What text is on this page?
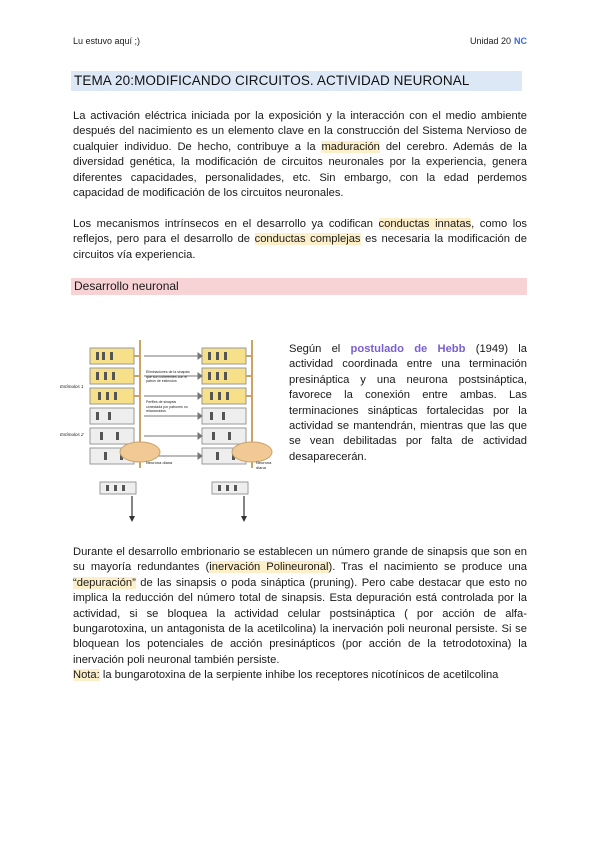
Lu estuvo aquí ;)	Unidad 20 NC
TEMA 20:MODIFICANDO CIRCUITOS. ACTIVIDAD NEURONAL
La activación eléctrica iniciada por la exposición y la interacción con el medio ambiente después del nacimiento es un elemento clave en la construcción del Sistema Nervioso de cualquier individuo. De hecho, contribuye a la maduración del cerebro. Además de la diversidad genética, la modificación de circuitos neuronales por la experiencia, genera diferentes capacidades, personalidades, etc. Sin embargo, con la edad perdemos capacidad de modificación de los circuitos neuronales.
Los mecanismos intrínsecos en el desarrollo ya codifican conductas innatas, como los reflejos, pero para el desarrollo de conductas complejas es necesaria la modificación de circuitos vía experiencia.
Desarrollo neuronal
Estímulos 1
Estímulos 2
Eliminaciones de la sinapsis que son coherentes con el patrón de estímulos
Perfiles de sinapsis conectada por patrones no relacionados
Neurona diana	Neurona diana
Según el postulado de Hebb (1949) la actividad coordinada entre una terminación presináptica y una neurona postsináptica, favorece la conexión entre ambas. Las terminaciones sinápticas fortalecidas por la actividad se mantendrán, mientras que las que se vean debilitadas por falta de actividad desaparecerán.
Durante el desarrollo embrionario se establecen un número grande de sinapsis que son en su mayoría redundantes (inervación Polineuronal). Tras el nacimiento se produce una “depuración” de las sinapsis o poda sináptica (pruning). Pero cabe destacar que esto no implica la reducción del número total de sinapsis. Esta depuración está controlada por la actividad, si se bloquea la actividad celular postsináptica ( por acción de alfa-bungarotoxina, un antagonista de la acetilcolina) la inervación poli neuronal persiste. Si se bloquean los potenciales de acción presinápticos (por acción de la tetrodotoxina) la inervación poli neuronal también persiste.
Nota: la bungarotoxina de la serpiente inhibe los receptores nicotínicos de acetilcolina
